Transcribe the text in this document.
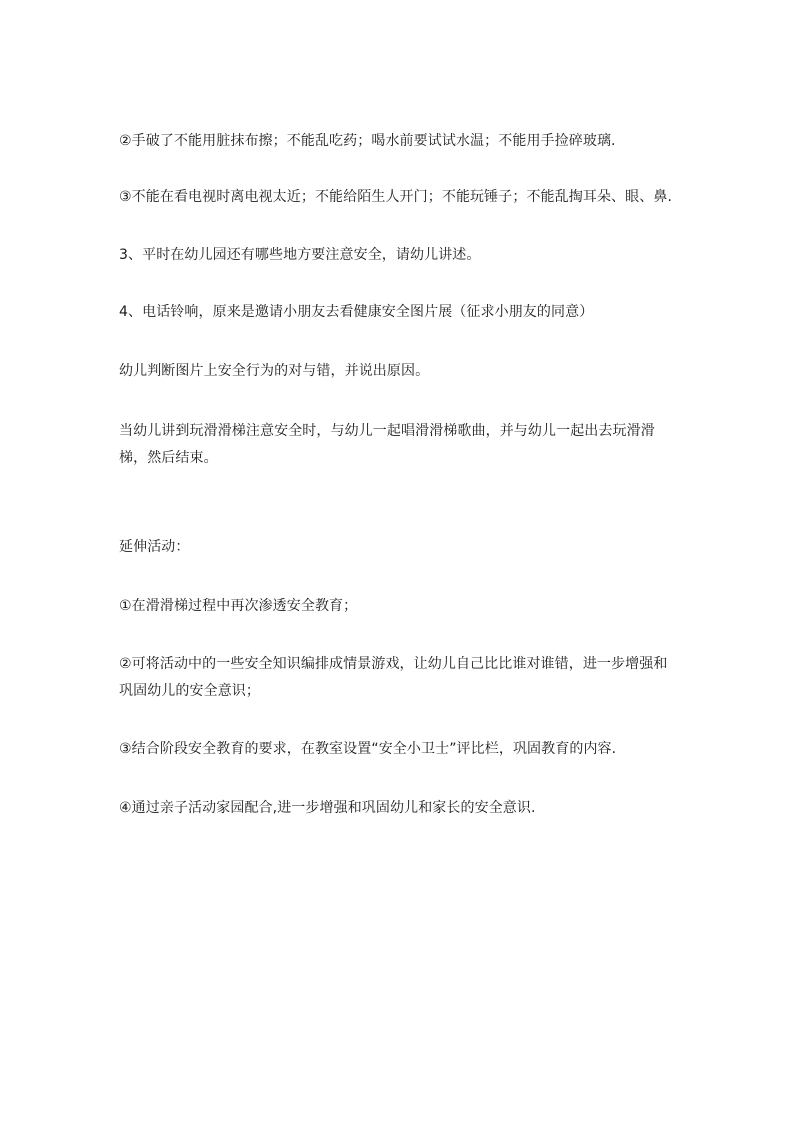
②手破了不能用脏抹布擦；不能乱吃药；喝水前要试试水温；不能用手捡碎玻璃.

③不能在看电视时离电视太近；不能给陌生人开门；不能玩锤子；不能乱掏耳朵、眼、鼻.

3、平时在幼儿园还有哪些地方要注意安全，请幼儿讲述。

4、电话铃响，原来是邀请小朋友去看健康安全图片展（征求小朋友的同意）

幼儿判断图片上安全行为的对与错，并说出原因。

当幼儿讲到玩滑滑梯注意安全时，与幼儿一起唱滑滑梯歌曲，并与幼儿一起出去玩滑滑梯，然后结束。

延伸活动：

①在滑滑梯过程中再次渗透安全教育；

②可将活动中的一些安全知识编排成情景游戏，让幼儿自己比比谁对谁错，进一步增强和巩固幼儿的安全意识；

③结合阶段安全教育的要求，在教室设置“安全小卫士”评比栏，巩固教育的内容.

④通过亲子活动家园配合,进一步增强和巩固幼儿和家长的安全意识.
